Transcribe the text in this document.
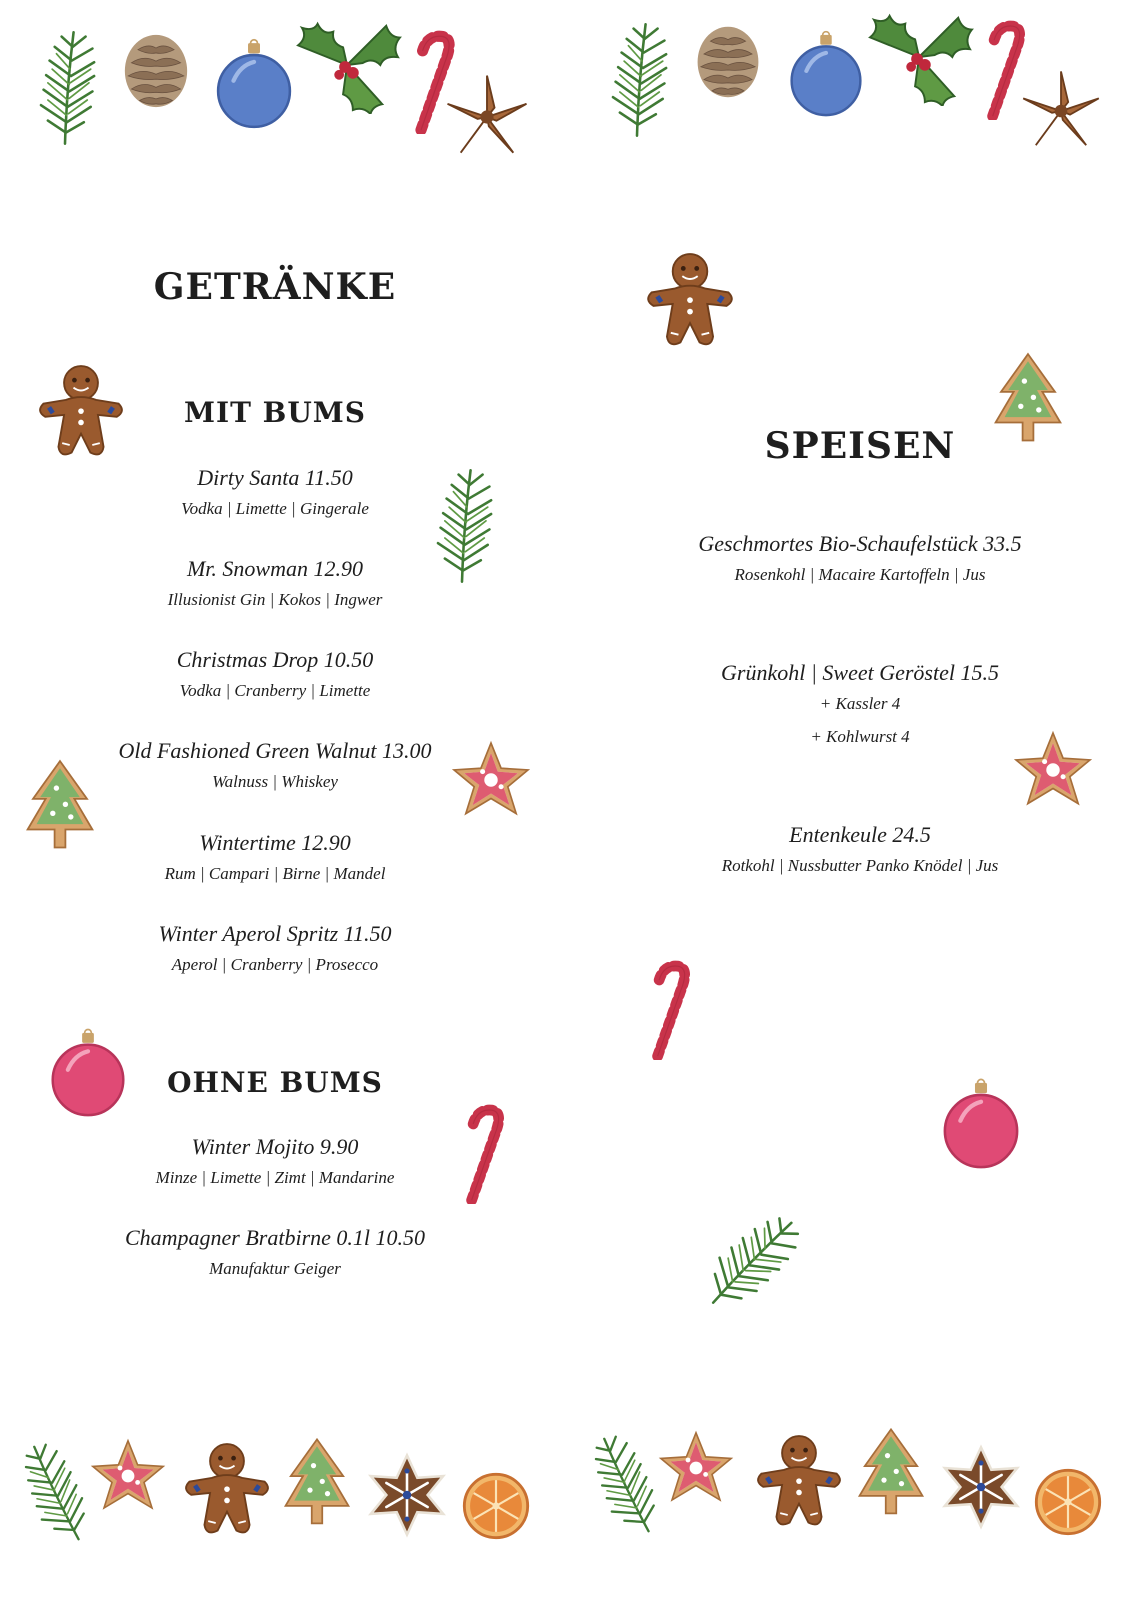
GETRÄNKE
MIT BUMS
Dirty Santa 11.50
Vodka | Limette | Gingerale
Mr. Snowman 12.90
Illusionist Gin | Kokos | Ingwer
Christmas Drop 10.50
Vodka | Cranberry | Limette
Old Fashioned Green Walnut 13.00
Walnuss | Whiskey
Wintertime 12.90
Rum | Campari | Birne | Mandel
Winter Aperol Spritz 11.50
Aperol | Cranberry | Prosecco
OHNE BUMS
Winter Mojito 9.90
Minze | Limette | Zimt | Mandarine
Champagner Bratbirne 0.1l 10.50
Manufaktur Geiger
SPEISEN
Geschmortes Bio-Schaufelstück 33.5
Rosenkohl | Macaire Kartoffeln | Jus
Grünkohl | Sweet Geröstel 15.5
+ Kassler 4
+ Kohlwurst 4
Entenkeule 24.5
Rotkohl | Nussbutter Panko Knödel | Jus
